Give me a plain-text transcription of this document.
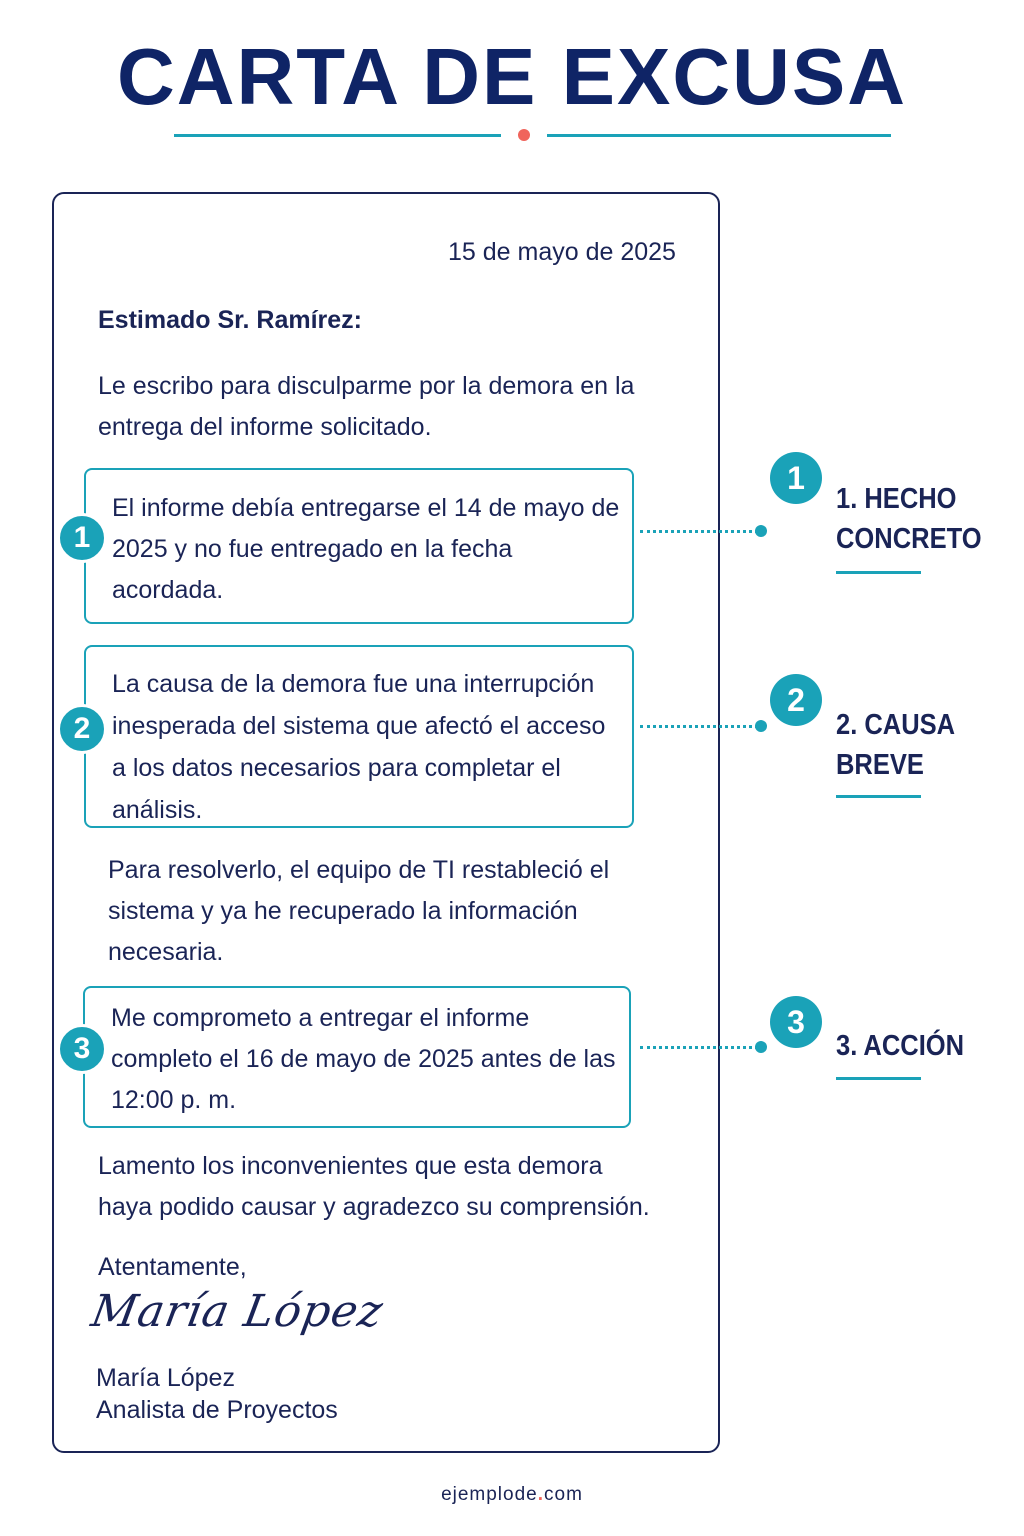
CARTA DE EXCUSA
15 de mayo de 2025
Estimado Sr. Ramírez:
Le escribo para disculparme por la demora en la entrega del informe solicitado.
El informe debía entregarse el 14 de mayo de 2025 y no fue entregado en la fecha acordada.
1
La causa de la demora fue una interrupción inesperada del sistema que afectó el acceso a los datos necesarios para completar el análisis.
2
Para resolverlo, el equipo de TI restableció el sistema y ya he recuperado la información necesaria.
Me comprometo a entregar el informe completo el 16 de mayo de 2025 antes de las 12:00 p. m.
3
Lamento los inconvenientes que esta demora haya podido causar y agradezco su comprensión.
Atentamente,
María López
María López
Analista de Proyectos
1
1. HECHO CONCRETO
2
2. CAUSA BREVE
3
3. ACCIÓN
ejemplode.com
